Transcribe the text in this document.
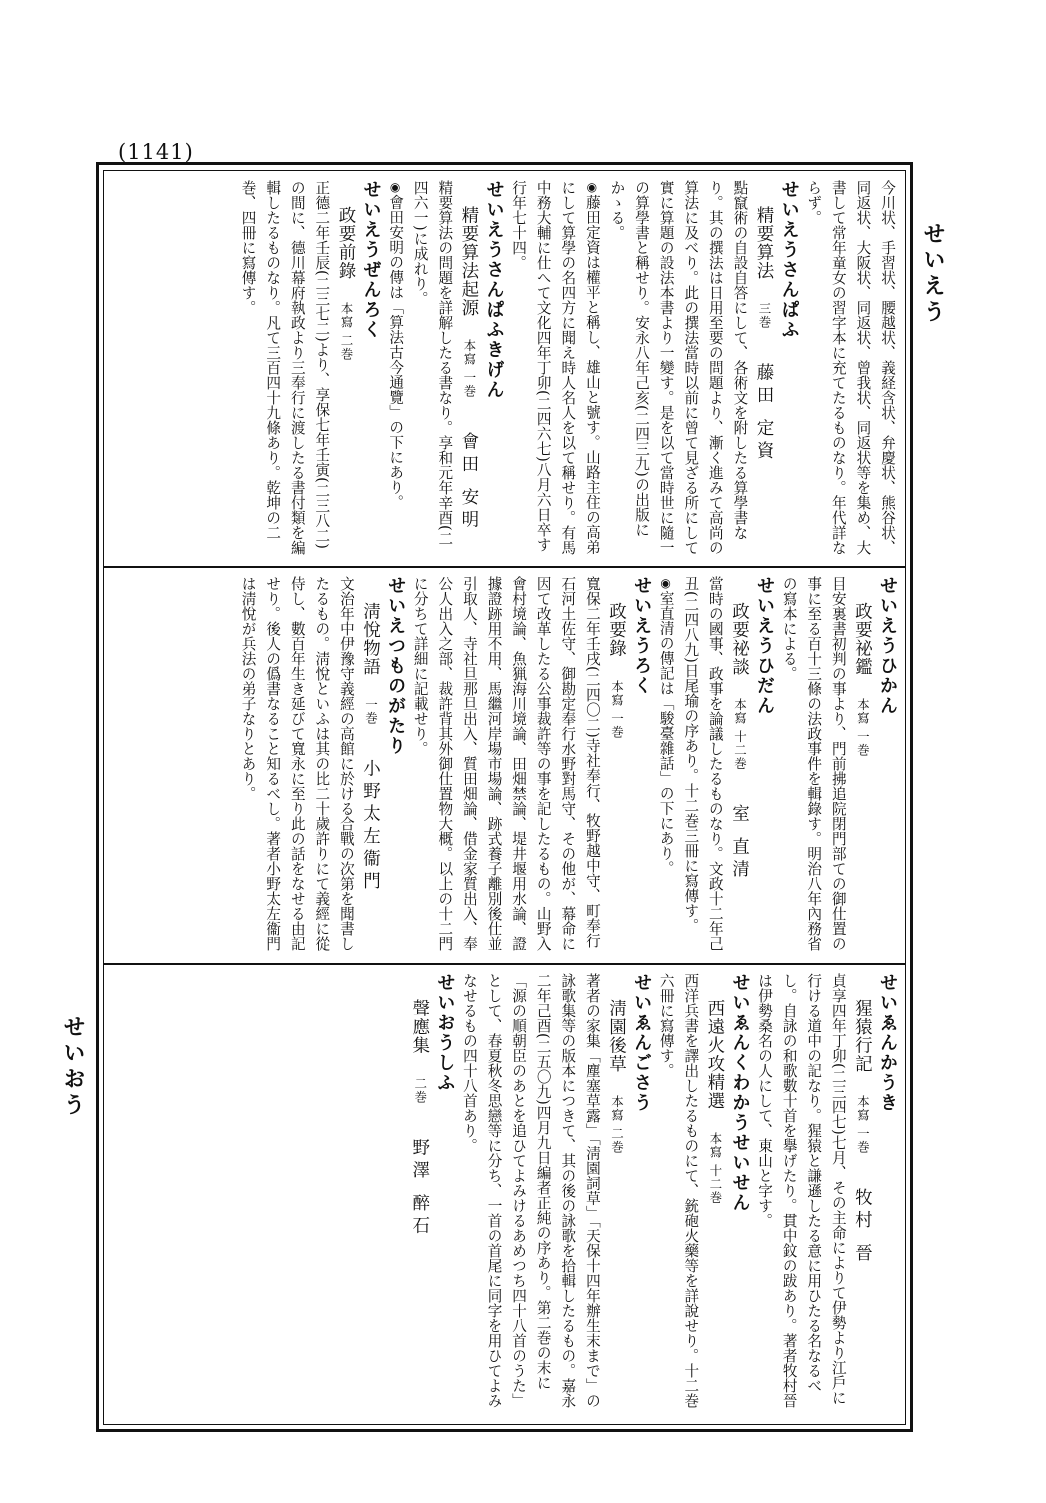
(1141)
せいえう
せいおう

今川状、手習状、腰越状、義経含状、弁慶状、熊谷状、同返状、大阪状、同返状、曾我状、同返状等を集め、大書して常年童女の習字本に充てたるものなり。年代詳ならず。

せいえうさんぱふ

精要算法三巻藤田 定資

點竄術の自設自答にして、各術文を附したる算學書なり。其の撰法は日用至要の問題より、漸く進みて高尚の算法に及べり。此の撰法當時以前に曾て見ざる所にして實に算題の設法本書より一變す。是を以て當時世に隨一の算學書と稱せり。安永八年己亥(二四三九)の出版にかゝる。

◉ 藤田定資は權平と稱し、雄山と號す。山路主住の高弟にして算學の名四方に聞え時人名人を以て稱せり。有馬中務大輔に仕へて文化四年丁卯(二四六七)八月六日卒す行年七十四。

せいえうさんぱふきげん

精要算法起源本寫 一巻會田 安明

精要算法の問題を詳解したる書なり。享和元年辛酉(二四六一)に成れり。

◉ 會田安明の傳は「算法古今通覽」の下にあり。

せいえうぜんろく

政要前錄本寫 二巻

正德二年壬辰(二三七二)より、享保七年壬寅(二三八二)の間に、德川幕府執政より三奉行に渡したる書付類を編輯したるものなり。凡て三百四十九條あり。乾坤の二巻、四冊に寫傳す。

せいえうひかん

政要祕鑑本寫 一巻

目安裏書初判の事より、門前拂追院閉門部ての御仕置の事に至る百十三條の法政事件を輯錄す。明治八年內務省の寫本による。

せいえうひだん

政要祕談本寫 十二巻室 直清

當時の國事、政事を論議したるものなり。文政十二年己丑(二四八九)日尾瑜の序あり。十二巻三冊に寫傳す。

◉ 室直清の傳記は「駿臺雜話」の下にあり。

せいえうろく

政要錄本寫 一巻

寬保二年壬戌(二四〇二)寺社奉行、牧野越中守、町奉行石河土佐守、御勘定奉行水野對馬守、その他が、幕命に因て改革したる公事裁許等の事を記したるもの。山野入會村境論、魚猟海川境論、田畑禁論、堤井堰用水論、證據證跡用不用、馬繼河岸場市場論、跡式養子離別後仕並引取人、寺社旦那旦出入、質田畑論、借金家質出入、奉公人出入之部、裁許背其外御仕置物大概。以上の十二門に分ちて詳細に記載せり。

せいえつものがたり

淸悅物語一巻小野太左衞門

文治年中伊豫守義經の高館に於ける合戰の次第を聞書したるもの。淸悅といふは其の比二十歲許りにて義經に從侍し、數百年生き延びて寬永に至り此の話をなせる由記せり。後人の僞書なること知るべし。著者小野太左衞門は淸悅が兵法の弟子なりとあり。

せいゑんかうき

猩猿行記本寫 一巻牧村 晉

貞享四年丁卯(二三四七)七月、その主命によりて伊勢より江戶に行ける道中の記なり。猩猿と謙遜したる意に用ひたる名なるべし。自詠の和歌數十首を擧げたり。貫中鈫の跋あり。著者牧村晉は伊勢桑名の人にして、東山と字す。

せいゑんくわかうせいせん

西遠火攻精選本寫 十二巻

西洋兵書を譯出したるものにて、銃砲火藥等を詳說せり。十二巻六冊に寫傳す。

せいゑんごさう

淸園後草本寫 二巻

著者の家集「塵塞草露」「淸園詞草」「天保十四年辦生末まで」の詠歌集等の版本につきて、其の後の詠歌を拾輯したるもの。嘉永二年己酉(二五〇九)四月九日編者正純の序あり。第二巻の末に「源の順朝臣のあとを追ひてよみけるあめつち四十八首のうた」として、春夏秋冬思戀等に分ち、一首の首尾に同字を用ひてよみなせるもの四十八首あり。

せいおうしふ

聲應集二巻野澤 醉石
